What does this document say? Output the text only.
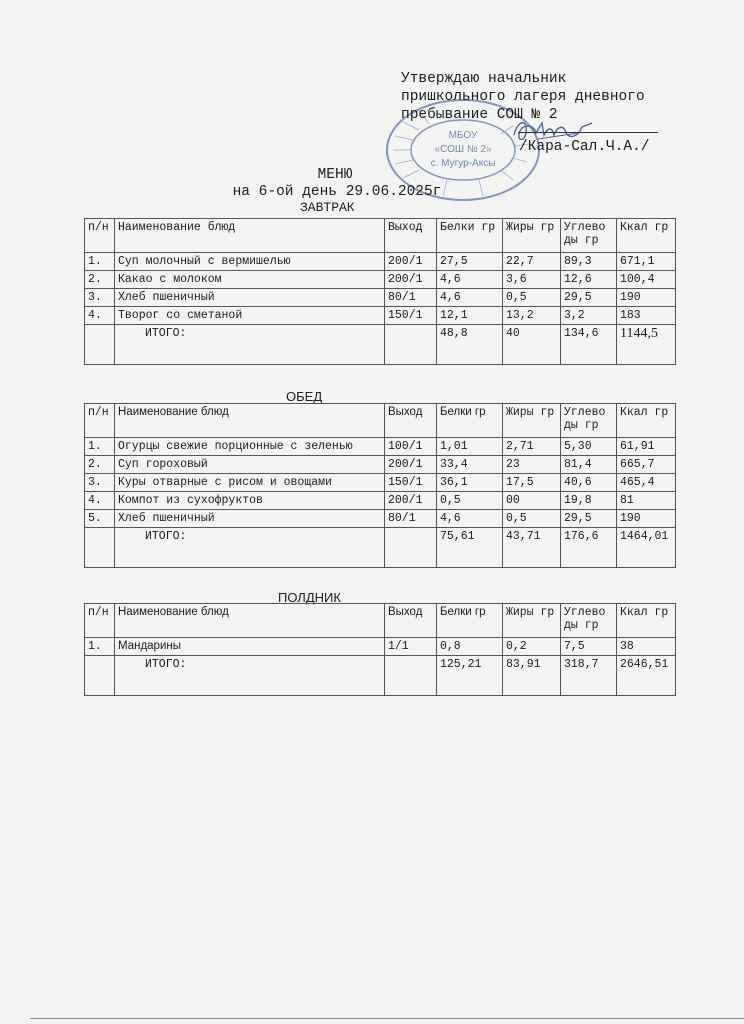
МБОУ
«СОШ № 2»
с. Мугур-Аксы
Утверждаю начальник
пришкольного лагеря дневного
пребывание СОШ № 2
/Кара-Сал.Ч.А./
МЕНЮ
на 6-ой день 29.06.2025г
ЗАВТРАК
п/н	Наименование блюд	Выход	Белки гр	Жиры гр	Углево ды гр	Ккал гр
1.	Суп молочный с вермишелью	200/1	27,5	22,7	89,3	671,1
2.	Какао с молоком	200/1	4,6	3,6	12,6	100,4
3.	Хлеб пшеничный	80/1	4,6	0,5	29,5	190
4.	Творог со сметаной	150/1	12,1	13,2	3,2	183
	ИТОГО:		48,8	40	134,6	1144,5
ОБЕД
п/н	Наименование блюд	Выход	Белки гр	Жиры гр	Углево ды гр	Ккал гр
1.	Огурцы свежие порционные с зеленью	100/1	1,01	2,71	5,30	61,91
2.	Суп гороховый	200/1	33,4	23	81,4	665,7
3.	Куры отварные с рисом и овощами	150/1	36,1	17,5	40,6	465,4
4.	Компот из сухофруктов	200/1	0,5	00	19,8	81
5.	Хлеб пшеничный	80/1	4,6	0,5	29,5	190
	ИТОГО:		75,61	43,71	176,6	1464,01
ПОЛДНИК
п/н	Наименование блюд	Выход	Белки гр	Жиры гр	Углево ды гр	Ккал гр
1.	Мандарины	1/1	0,8	0,2	7,5	38
	ИТОГО:		125,21	83,91	318,7	2646,51
